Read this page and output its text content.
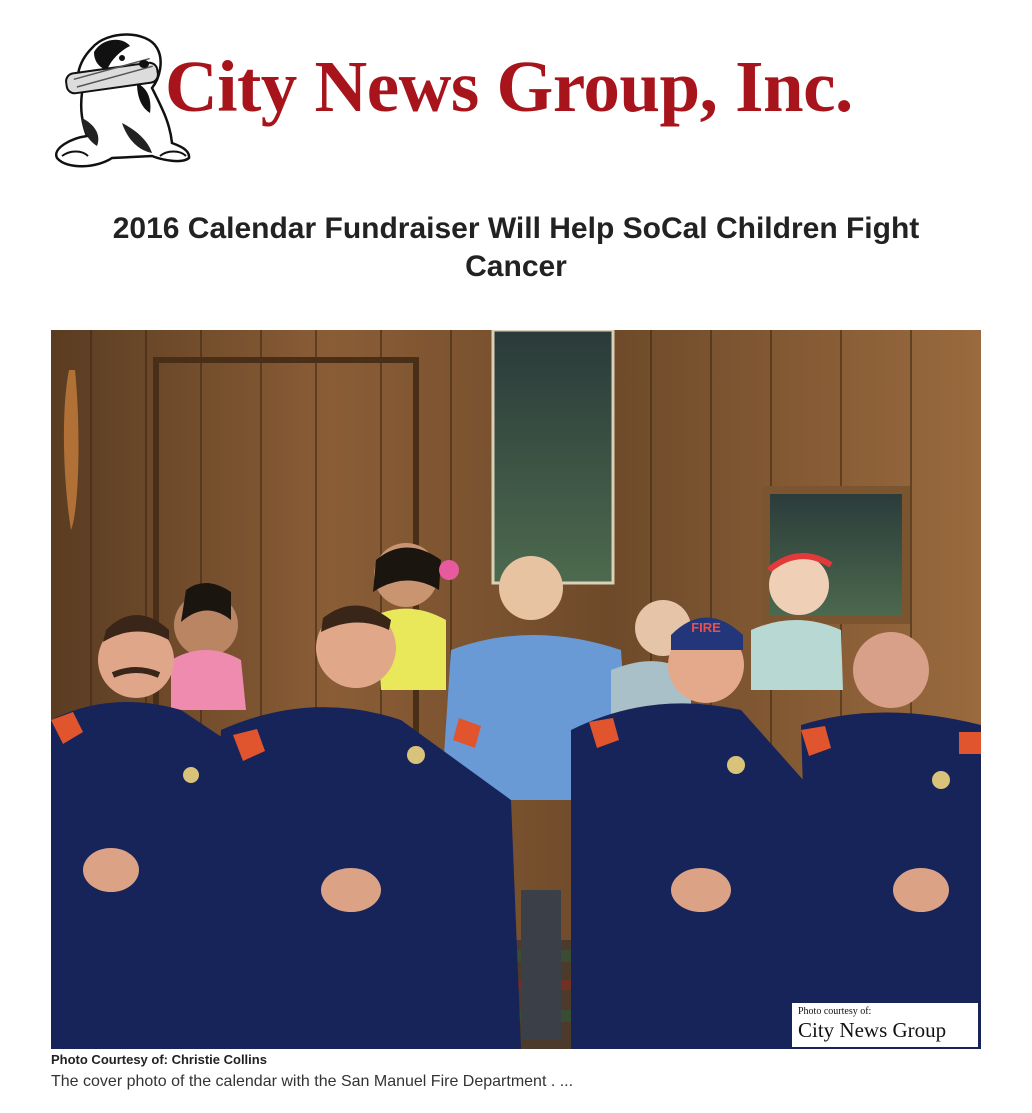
City News Group, Inc.
2016 Calendar Fundraiser Will Help SoCal Children Fight Cancer
FIRE
Photo courtesy of:
City News Group
Photo Courtesy of: Christie Collins
The cover photo of the calendar with the San Manuel Fire Department . ...
